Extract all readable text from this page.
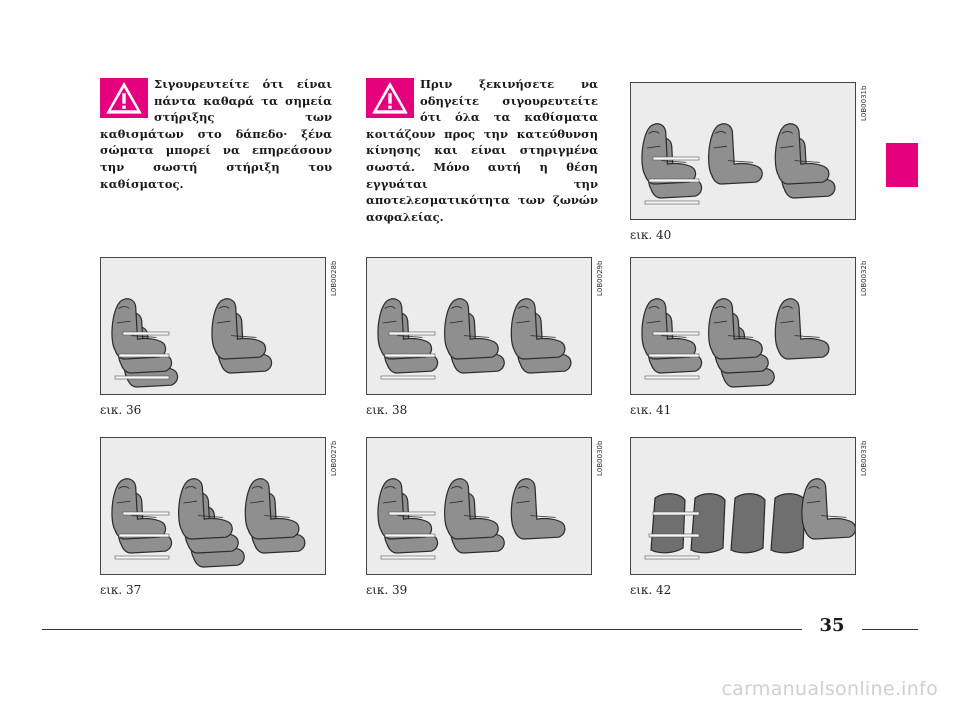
Σιγουρευτείτε ότι είναι πάντα καθαρά τα σημεία στήριξης των καθισμάτων στο δάπεδο· ξένα σώματα μπορεί να επηρεάσουν την σωστή στήριξη του καθίσματος.

Πριν ξεκινήσετε να οδηγείτε σιγουρευτείτε ότι όλα τα καθίσματα κοιτάζουν προς την κατεύθυνση κίνησης και είναι στηριγμένα σωστά. Μόνο αυτή η θέση εγγυάται την αποτελεσματικότητα των ζωνών ασφαλείας.

L0B0028b
εικ. 36
L0B0027b
εικ. 37
L0B0029b
εικ. 38
L0B0030b
εικ. 39
L0B0031b
εικ. 40
L0B0032b
εικ. 41
L0B0033b
εικ. 42
35
carmanualsonline.info
